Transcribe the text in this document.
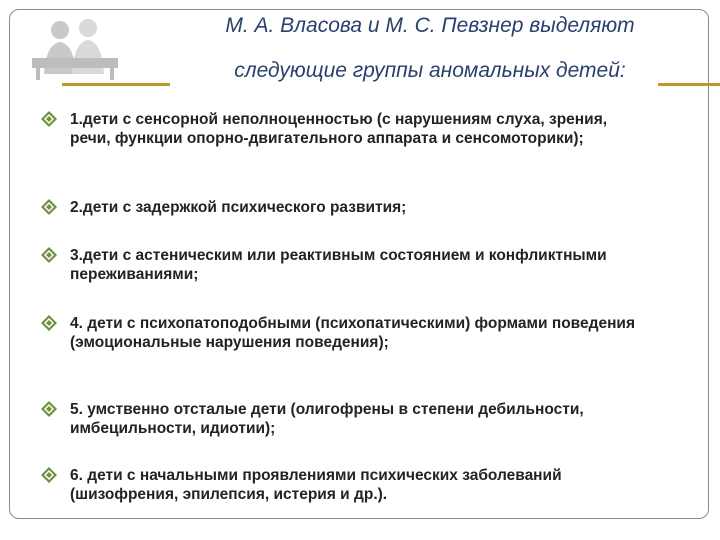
М. А. Власова и М. С. Певзнер выделяют
следующие группы аномальных детей:
1.дети с сенсорной неполноценностью (с нарушениям слуха, зрения, речи, функции опорно-двигательного аппарата и сенсомоторики);
2.дети с задержкой психического развития;
3.дети с астеническим или реактивным состоянием и конфликтными переживаниями;
4. дети с психопатоподобными (психопатическими) формами поведения (эмоциональные нарушения поведения);
5. умственно отсталые дети (олигофрены в степени дебильности, имбецильности, идиотии);
6. дети с начальными проявлениями психических заболеваний (шизофрения, эпилепсия, истерия и др.).
